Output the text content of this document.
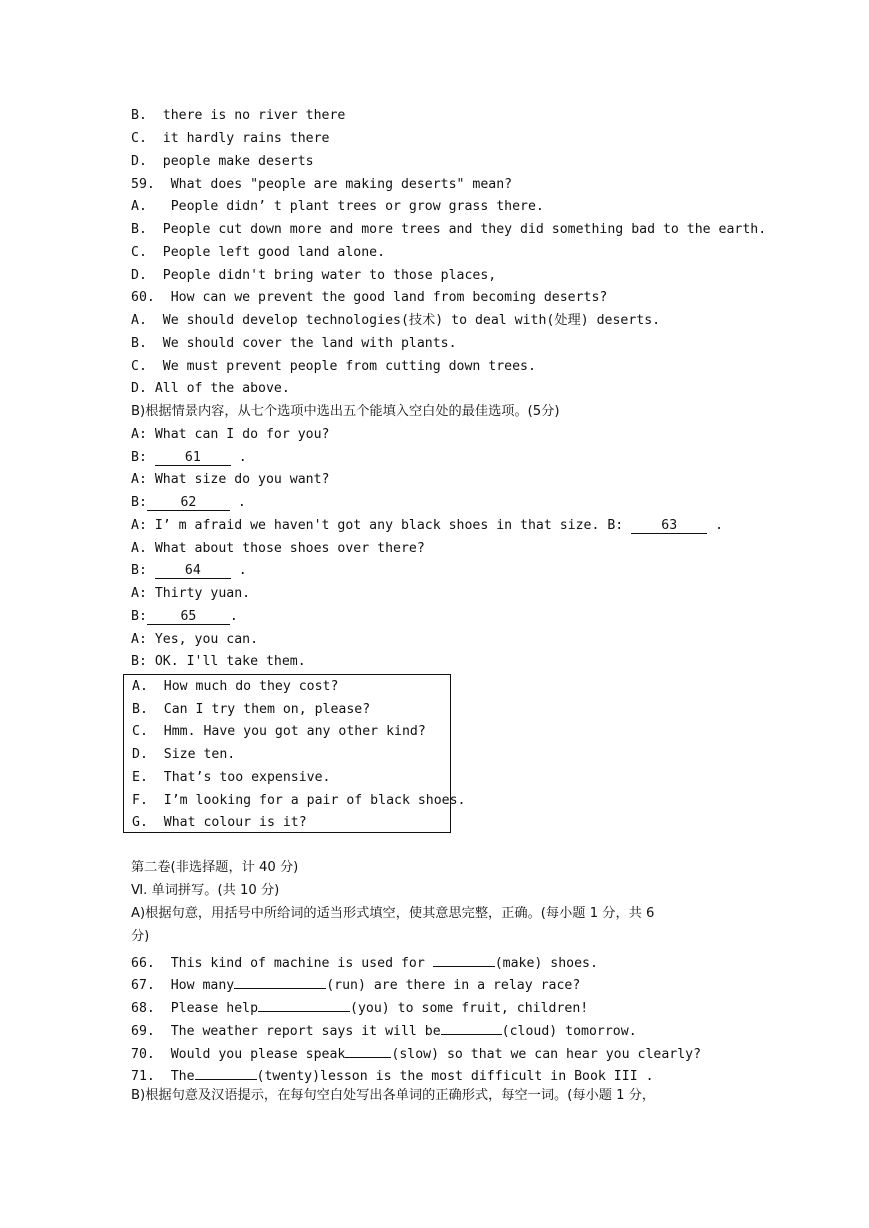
B.  there is no river there
C.  it hardly rains there
D.  people make deserts
59.  What does "people are making deserts" mean?
A.   People didn’ t plant trees or grow grass there.
B.  People cut down more and more trees and they did something bad to the earth.
C.  People left good land alone.
D.  People didn't bring water to those places,
60.  How can we prevent the good land from becoming deserts?
A.  We should develop technologies(技术) to deal with(处理) deserts.
B.  We should cover the land with plants.
C.  We must prevent people from cutting down trees.
D. All of the above.
B)根据情景内容，从七个选项中选出五个能填入空白处的最佳选项。(5分)
A: What can I do for you?
B: 61 .
A: What size do you want?
B:	62	.
A: I’ m afraid we haven't got any black shoes in that size. B: 63 .
A. What about those shoes over there?
B: 64 .
A: Thirty yuan.
B:	65	.
A: Yes, you can.
B: OK. I'll take them.
A.  How much do they cost?
B.  Can I try them on, please?
C.  Hmm. Have you got any other kind?
D.  Size ten.
E.  That’s too expensive.
F.  I’m looking for a pair of black shoes.
G.  What colour is it?
第二卷(非选择题，计 40 分)
Ⅵ. 单词拼写。(共 10 分)
A)根据句意，用括号中所给词的适当形式填空，使其意思完整，正确。(每小题 1 分，共 6
分)
66.  This kind of machine is used for	(make) shoes.
67.  How many	(run) are there in a relay race?
68.  Please help	(you) to some fruit, children!
69.  The weather report says it will be	(cloud) tomorrow.
70.  Would you please speak	(slow) so that we can hear you clearly?
71.  The	(twenty)lesson is the most difficult in Book III .
B)根据句意及汉语提示，在每句空白处写出各单词的正确形式，每空一词。(每小题 1 分，
